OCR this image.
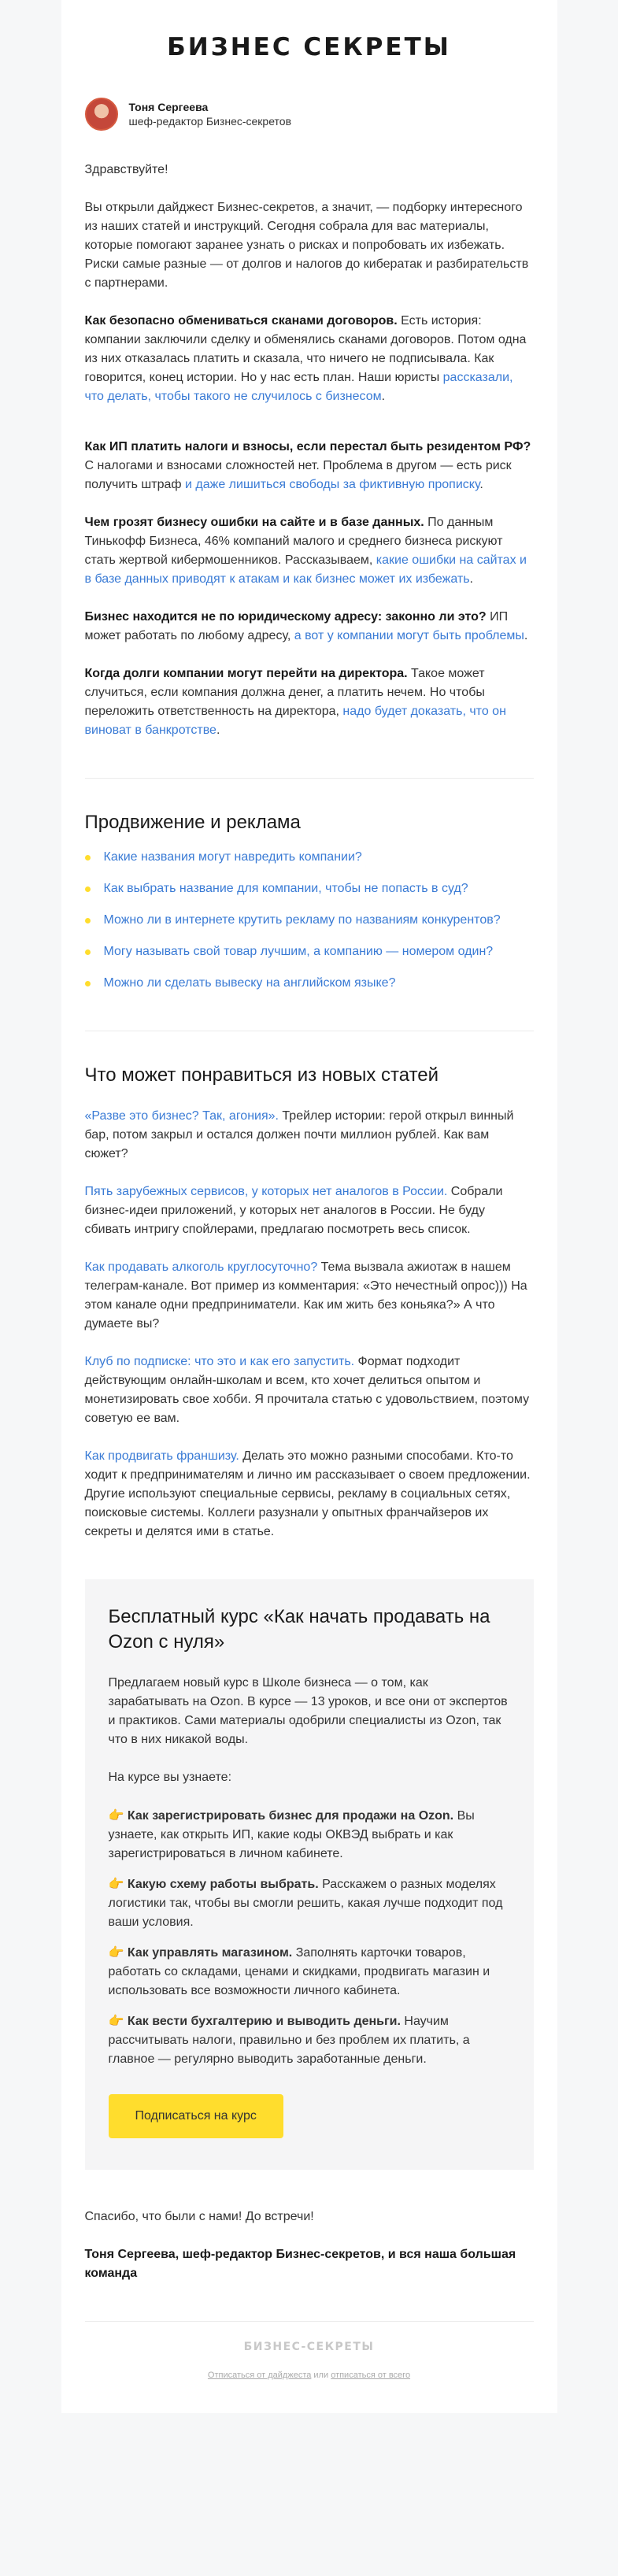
БИЗНЕС СЕКРЕТЫ
Тоня Сергеева
шеф-редактор Бизнес-секретов

Здравствуйте!

Вы открыли дайджест Бизнес-секретов, а значит, — подборку интересного из наших статей и инструкций. Сегодня собрала для вас материалы, которые помогают заранее узнать о рисках и попробовать их избежать. Риски самые разные — от долгов и налогов до кибератак и разбирательств с партнерами.

Как безопасно обмениваться сканами договоров. Есть история: компании заключили сделку и обменялись сканами договоров. Потом одна из них отказалась платить и сказала, что ничего не подписывала. Как говорится, конец истории. Но у нас есть план. Наши юристы рассказали, что делать, чтобы такого не случилось с бизнесом.

Как ИП платить налоги и взносы, если перестал быть резидентом РФ? С налогами и взносами сложностей нет. Проблема в другом — есть риск получить штраф и даже лишиться свободы за фиктивную прописку.

Чем грозят бизнесу ошибки на сайте и в базе данных. По данным Тинькофф Бизнеса, 46% компаний малого и среднего бизнеса рискуют стать жертвой кибермошенников. Рассказываем, какие ошибки на сайтах и в базе данных приводят к атакам и как бизнес может их избежать.

Бизнес находится не по юридическому адресу: законно ли это? ИП может работать по любому адресу, а вот у компании могут быть проблемы.

Когда долги компании могут перейти на директора. Такое может случиться, если компания должна денег, а платить нечем. Но чтобы переложить ответственность на директора, надо будет доказать, что он виноват в банкротстве.

Продвижение и реклама
Какие названия могут навредить компании?
Как выбрать название для компании, чтобы не попасть в суд?
Можно ли в интернете крутить рекламу по названиям конкурентов?
Могу называть свой товар лучшим, а компанию — номером один?
Можно ли сделать вывеску на английском языке?
Что может понравиться из новых статей

«Разве это бизнес? Так, агония». Трейлер истории: герой открыл винный бар, потом закрыл и остался должен почти миллион рублей. Как вам сюжет?

Пять зарубежных сервисов, у которых нет аналогов в России. Собрали бизнес-идеи приложений, у которых нет аналогов в России. Не буду сбивать интригу спойлерами, предлагаю посмотреть весь список.

Как продавать алкоголь круглосуточно? Тема вызвала ажиотаж в нашем телеграм-канале. Вот пример из комментария: «Это нечестный опрос))) На этом канале одни предприниматели. Как им жить без коньяка?» А что думаете вы?

Клуб по подписке: что это и как его запустить. Формат подходит действующим онлайн-школам и всем, кто хочет делиться опытом и монетизировать свое хобби. Я прочитала статью с удовольствием, поэтому советую ее вам.

Как продвигать франшизу. Делать это можно разными способами. Кто-то ходит к предпринимателям и лично им рассказывает о своем предложении. Другие используют специальные сервисы, рекламу в социальных сетях, поисковые системы. Коллеги разузнали у опытных франчайзеров их секреты и делятся ими в статье.

Бесплатный курс «Как начать продавать на Ozon с нуля»

Предлагаем новый курс в Школе бизнеса — о том, как зарабатывать на Ozon. В курсе — 13 уроков, и все они от экспертов и практиков. Сами материалы одобрили специалисты из Ozon, так что в них никакой воды.

На курсе вы узнаете:

👉 Как зарегистрировать бизнес для продажи на Ozon. Вы узнаете, как открыть ИП, какие коды ОКВЭД выбрать и как зарегистрироваться в личном кабинете.

👉 Какую схему работы выбрать. Расскажем о разных моделях логистики так, чтобы вы смогли решить, какая лучше подходит под ваши условия.

👉 Как управлять магазином. Заполнять карточки товаров, работать со складами, ценами и скидками, продвигать магазин и использовать все возможности личного кабинета.

👉 Как вести бухгалтерию и выводить деньги. Научим рассчитывать налоги, правильно и без проблем их платить, а главное — регулярно выводить заработанные деньги.

Подписаться на курс

Спасибо, что были с нами! До встречи!

Тоня Сергеева, шеф-редактор Бизнес-секретов, и вся наша большая команда

БИЗНЕС-СЕКРЕТЫ
Отписаться от дайджеста или отписаться от всего
